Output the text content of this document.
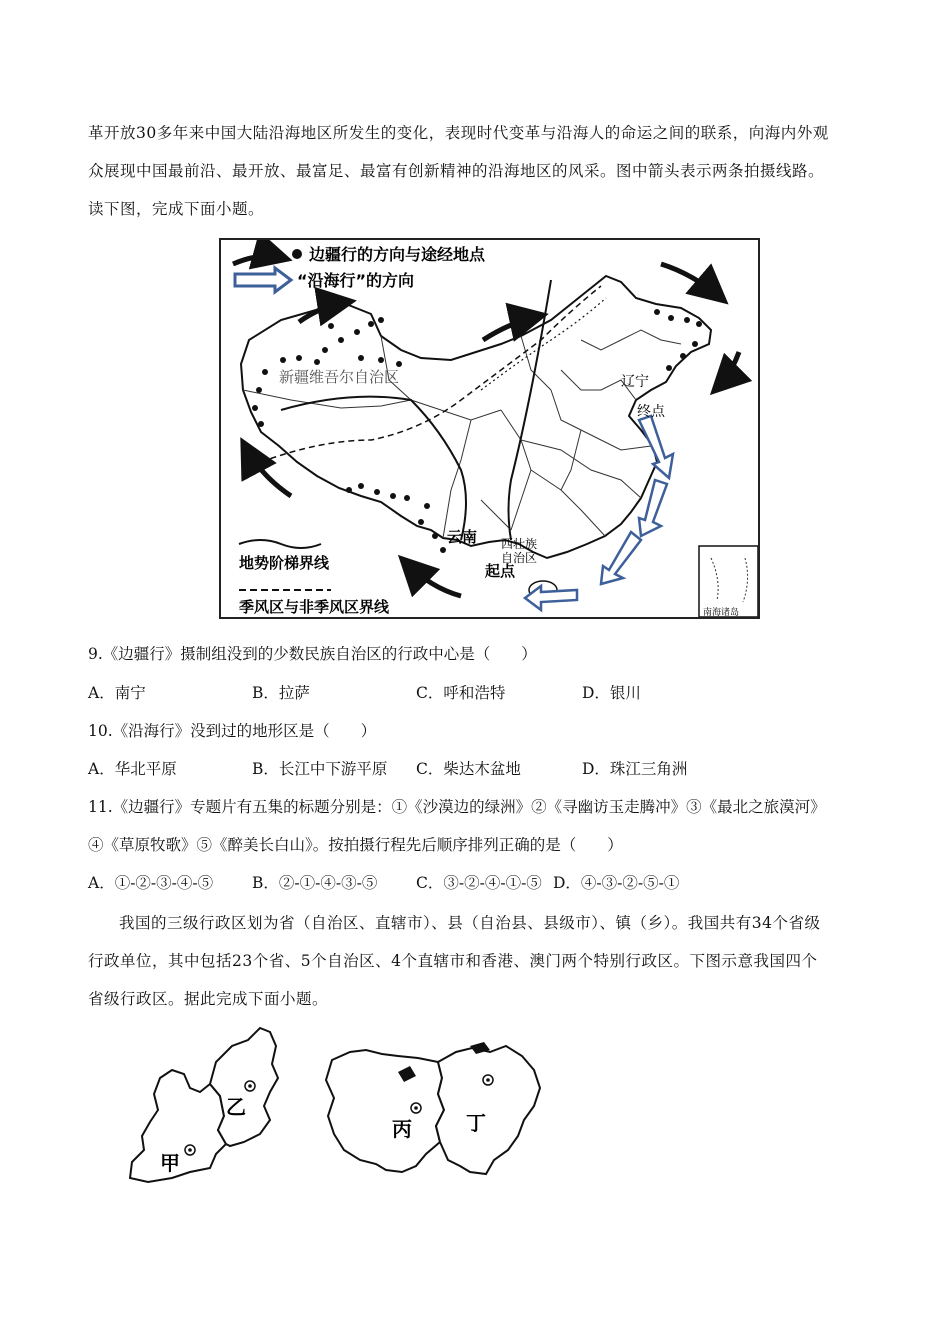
革开放30多年来中国大陆沿海地区所发生的变化，表现时代变革与沿海人的命运之间的联系，向海内外观

众展现中国最前沿、最开放、最富足、最富有创新精神的沿海地区的风采。图中箭头表示两条拍摄线路。

读下图，完成下面小题。

边疆行的方向与途经地点
“沿海行”的方向
新疆维吾尔自治区	辽宁
终点
云南 西壮族
自治区
起点
地势阶梯界线
季风区与非季风区界线	南海诸岛
9.《边疆行》摄制组没到的少数民族自治区的行政中心是（　　）
A．南宁	B．拉萨	C．呼和浩特	D．银川
10.《沿海行》没到过的地形区是（　　）
A．华北平原	B．长江中下游平原 C．柴达木盆地	D．珠江三角洲
11.《边疆行》专题片有五集的标题分别是：①《沙漠边的绿洲》②《寻幽访玉走腾冲》③《最北之旅漠河》
④《草原牧歌》⑤《醉美长白山》。按拍摄行程先后顺序排列正确的是（　　）
A．①-②-③-④-⑤	B．②-①-④-③-⑤ C．③-②-④-①-⑤ D．④-③-②-⑤-①

我国的三级行政区划为省（自治区、直辖市）、县（自治县、县级市）、镇（乡）。我国共有34个省级

行政单位，其中包括23个省、5个自治区、4个直辖市和香港、澳门两个特别行政区。下图示意我国四个

省级行政区。据此完成下面小题。

甲
乙
丙	丁
